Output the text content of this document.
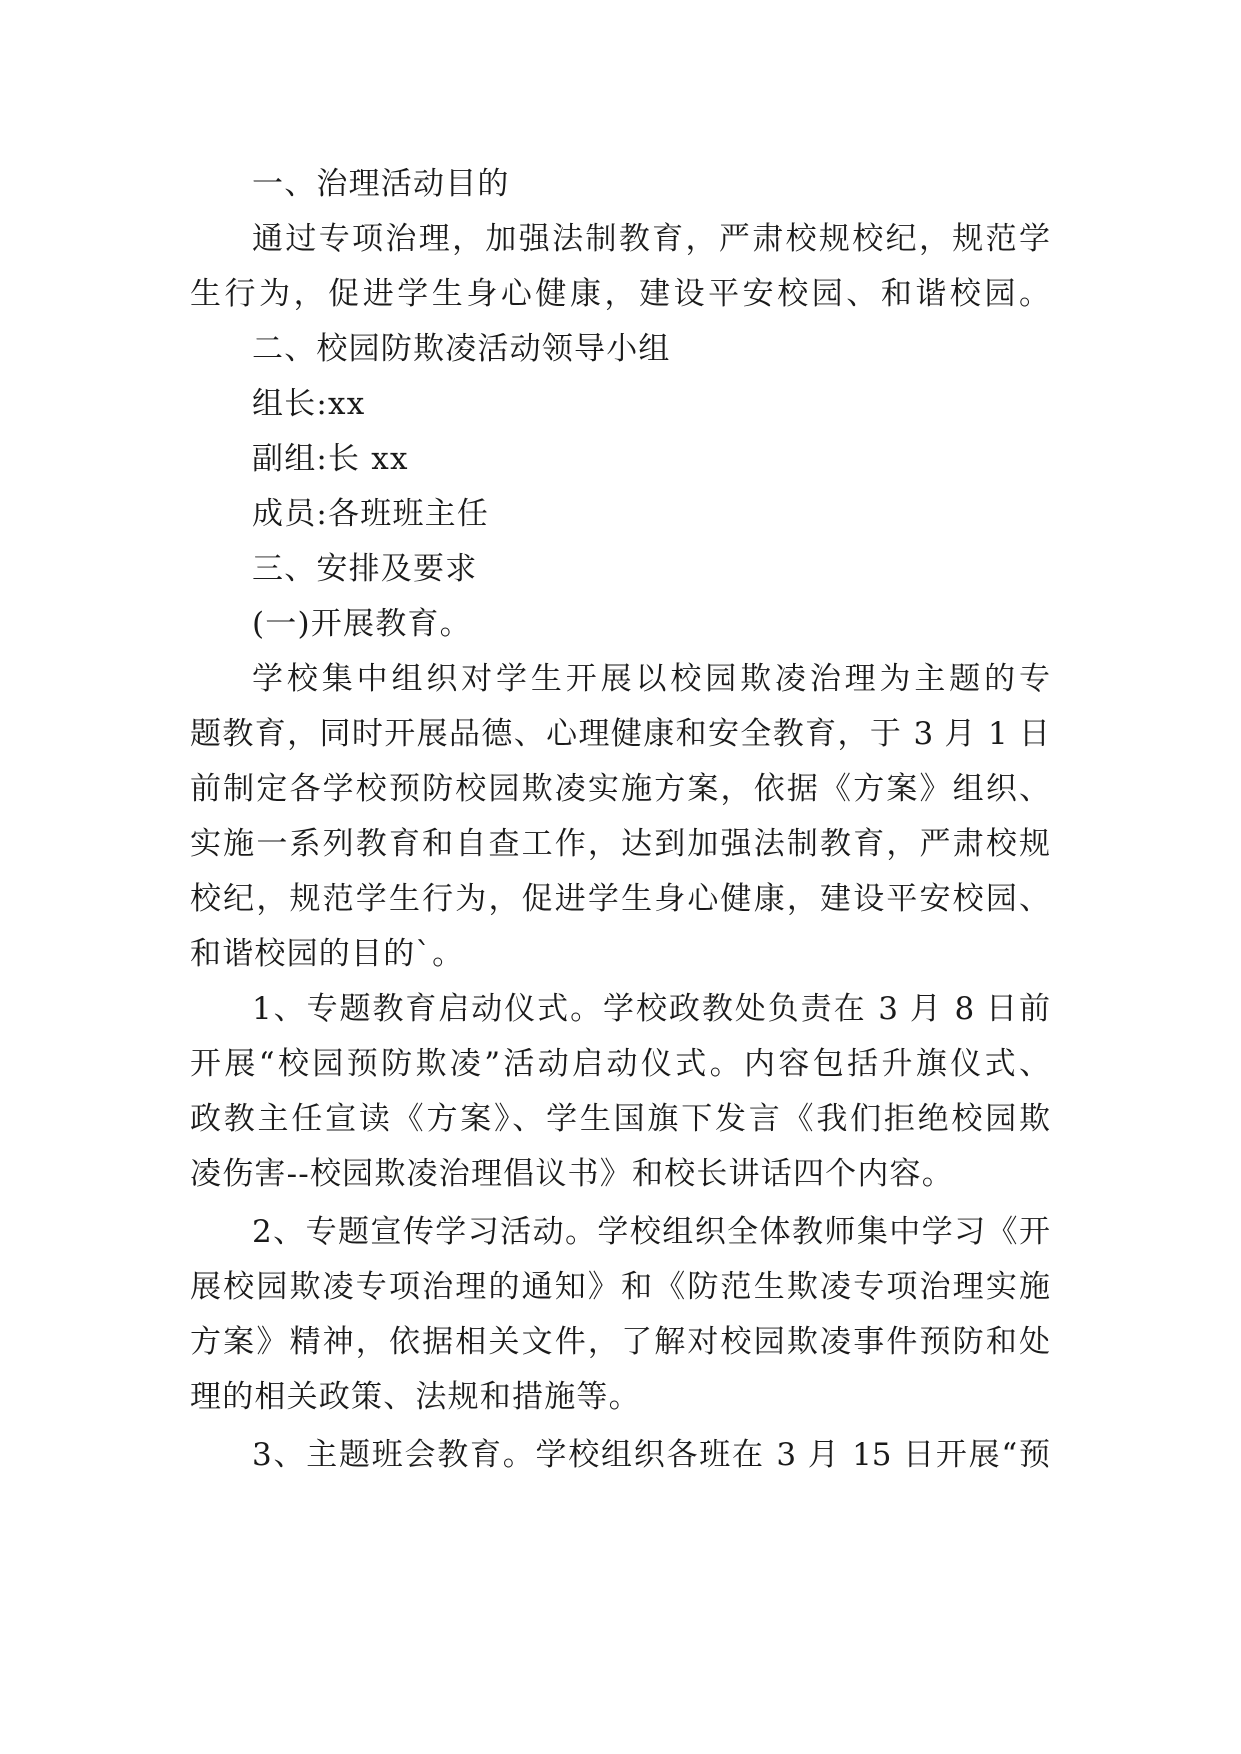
一、治理活动目的
通过专项治理，加强法制教育，严肃校规校纪，规范学
生行为，促进学生身心健康，建设平安校园、和谐校园。
二、校园防欺凌活动领导小组
组长:xx
副组:长 xx
成员:各班班主任
三、安排及要求
(一)开展教育。
学校集中组织对学生开展以校园欺凌治理为主题的专
题教育，同时开展品德、心理健康和安全教育，于 3 月 1 日
前制定各学校预防校园欺凌实施方案，依据《方案》组织、
实施一系列教育和自查工作，达到加强法制教育，严肃校规
校纪，规范学生行为，促进学生身心健康，建设平安校园、
和谐校园的目的`。
1、专题教育启动仪式。学校政教处负责在 3 月 8 日前
开展“校园预防欺凌”活动启动仪式。内容包括升旗仪式、
政教主任宣读《方案》、学生国旗下发言《我们拒绝校园欺
凌伤害--校园欺凌治理倡议书》和校长讲话四个内容。
2、专题宣传学习活动。学校组织全体教师集中学习《开
展校园欺凌专项治理的通知》和《防范生欺凌专项治理实施
方案》精神，依据相关文件，了解对校园欺凌事件预防和处
理的相关政策、法规和措施等。
3、主题班会教育。学校组织各班在 3 月 15 日开展“预
